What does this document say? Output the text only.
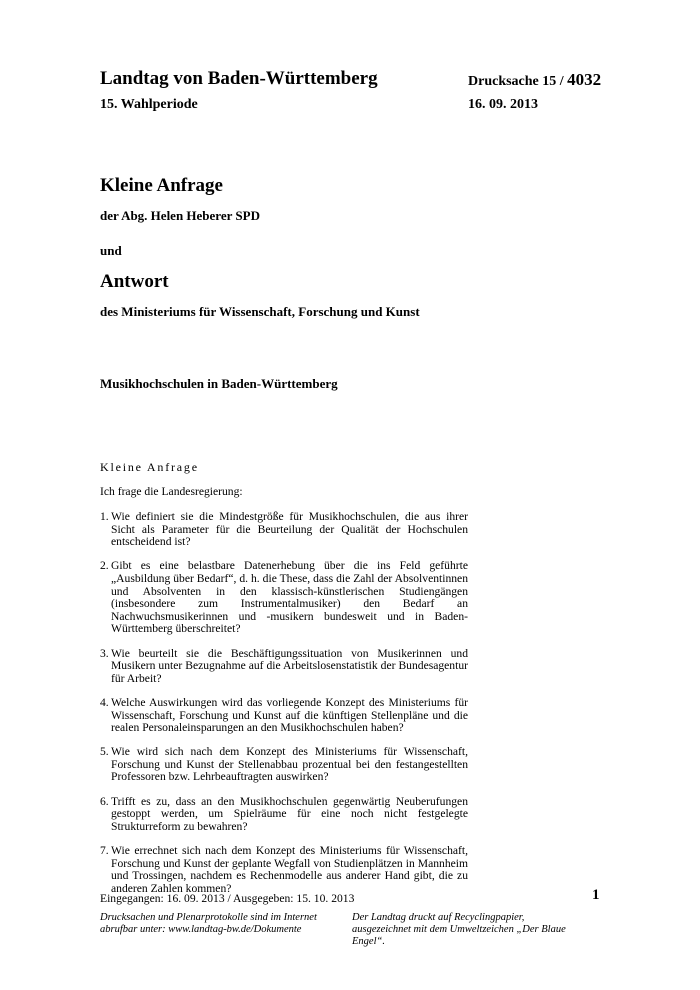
Landtag von Baden-Württemberg
15. Wahlperiode
Drucksache 15 / 4032
16. 09. 2013
Kleine Anfrage
der Abg. Helen Heberer SPD
und
Antwort
des Ministeriums für Wissenschaft, Forschung und Kunst
Musikhochschulen in Baden-Württemberg
Kleine Anfrage
Ich frage die Landesregierung:
1. Wie definiert sie die Mindestgröße für Musikhochschulen, die aus ihrer Sicht als Parameter für die Beurteilung der Qualität der Hochschulen entscheidend ist?
2. Gibt es eine belastbare Datenerhebung über die ins Feld geführte „Ausbildung über Bedarf“, d. h. die These, dass die Zahl der Absolventinnen und Absolventen in den klassisch-künstlerischen Studiengängen (insbesondere zum Instrumentalmusiker) den Bedarf an Nachwuchsmusikerinnen und -musikern bundesweit und in Baden-Württemberg überschreitet?
3. Wie beurteilt sie die Beschäftigungssituation von Musikerinnen und Musikern unter Bezugnahme auf die Arbeitslosenstatistik der Bundesagentur für Arbeit?
4. Welche Auswirkungen wird das vorliegende Konzept des Ministeriums für Wissenschaft, Forschung und Kunst auf die künftigen Stellenpläne und die realen Personaleinsparungen an den Musikhochschulen haben?
5. Wie wird sich nach dem Konzept des Ministeriums für Wissenschaft, Forschung und Kunst der Stellenabbau prozentual bei den festangestellten Professoren bzw. Lehrbeauftragten auswirken?
6. Trifft es zu, dass an den Musikhochschulen gegenwärtig Neuberufungen gestoppt werden, um Spielräume für eine noch nicht festgelegte Strukturreform zu bewahren?
7. Wie errechnet sich nach dem Konzept des Ministeriums für Wissenschaft, Forschung und Kunst der geplante Wegfall von Studienplätzen in Mannheim und Trossingen, nachdem es Rechenmodelle aus anderer Hand gibt, die zu anderen Zahlen kommen?
Eingegangen: 16. 09. 2013 / Ausgegeben: 15. 10. 2013	1
Drucksachen und Plenarprotokolle sind im Internet abrufbar unter: www.landtag-bw.de/Dokumente
Der Landtag druckt auf Recyclingpapier, ausgezeichnet mit dem Umweltzeichen „Der Blaue Engel“.
